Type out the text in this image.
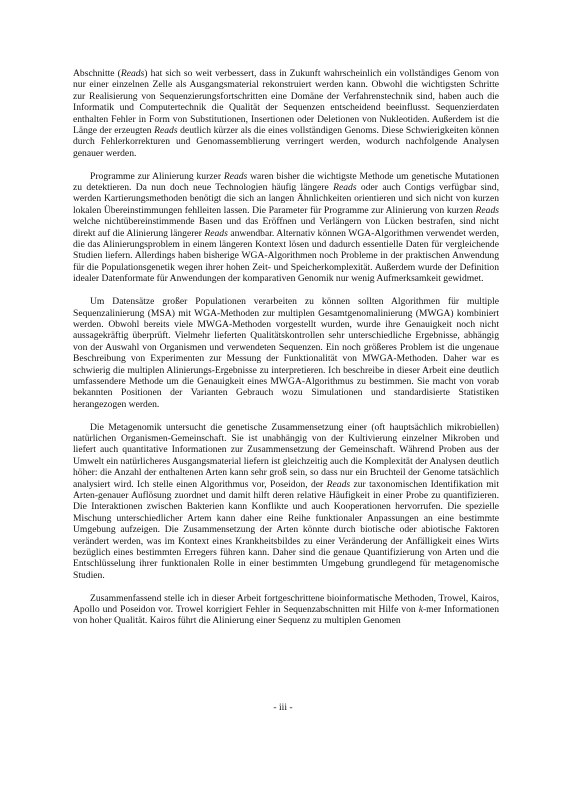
Abschnitte (Reads) hat sich so weit verbessert, dass in Zukunft wahrscheinlich ein vollständiges Genom von nur einer einzelnen Zelle als Ausgangsmaterial rekonstruiert werden kann. Obwohl die wichtigsten Schritte zur Realisierung von Sequenzierungsfortschritten eine Domäne der Verfahrenstechnik sind, haben auch die Informatik und Computertechnik die Qualität der Sequenzen entscheidend beeinflusst. Sequenzierdaten enthalten Fehler in Form von Substitutionen, Insertionen oder Deletionen von Nukleotiden. Außerdem ist die Länge der erzeugten Reads deutlich kürzer als die eines vollständigen Genoms. Diese Schwierigkeiten können durch Fehlerkorrekturen und Genomassemblierung verringert werden, wodurch nachfolgende Analysen genauer werden.

Programme zur Alinierung kurzer Reads waren bisher die wichtigste Methode um genetische Mutationen zu detektieren. Da nun doch neue Technologien häufig längere Reads oder auch Contigs verfügbar sind, werden Kartierungsmethoden benötigt die sich an langen Ähnlichkeiten orientieren und sich nicht von kurzen lokalen Übereinstimmungen fehlleiten lassen. Die Parameter für Programme zur Alinierung von kurzen Reads welche nichtübereinstimmende Basen und das Eröffnen und Verlängern von Lücken bestrafen, sind nicht direkt auf die Alinierung längerer Reads anwendbar. Alternativ können WGA-Algorithmen verwendet werden, die das Alinierungsproblem in einem längeren Kontext lösen und dadurch essentielle Daten für vergleichende Studien liefern. Allerdings haben bisherige WGA-Algorithmen noch Probleme in der praktischen Anwendung für die Populationsgenetik wegen ihrer hohen Zeit- und Speicherkomplexität. Außerdem wurde der Definition idealer Datenformate für Anwendungen der komparativen Genomik nur wenig Aufmerksamkeit gewidmet.

Um Datensätze großer Populationen verarbeiten zu können sollten Algorithmen für multiple Sequenzalinierung (MSA) mit WGA-Methoden zur multiplen Gesamtgenomalinierung (MWGA) kombiniert werden. Obwohl bereits viele MWGA-Methoden vorgestellt wurden, wurde ihre Genauigkeit noch nicht aussagekräftig überprüft. Vielmehr lieferten Qualitätskontrollen sehr unterschiedliche Ergebnisse, abhängig von der Auswahl von Organismen und verwendeten Sequenzen. Ein noch größeres Problem ist die ungenaue Beschreibung von Experimenten zur Messung der Funktionalität von MWGA-Methoden. Daher war es schwierig die multiplen Alinierungs-Ergebnisse zu interpretieren. Ich beschreibe in dieser Arbeit eine deutlich umfassendere Methode um die Genauigkeit eines MWGA-Algorithmus zu bestimmen. Sie macht von vorab bekannten Positionen der Varianten Gebrauch wozu Simulationen und standardisierte Statistiken herangezogen werden.

Die Metagenomik untersucht die genetische Zusammensetzung einer (oft hauptsächlich mikrobiellen) natürlichen Organismen-Gemeinschaft. Sie ist unabhängig von der Kultivierung einzelner Mikroben und liefert auch quantitative Informationen zur Zusammensetzung der Gemeinschaft. Während Proben aus der Umwelt ein natürlicheres Ausgangsmaterial liefern ist gleichzeitig auch die Komplexität der Analysen deutlich höher: die Anzahl der enthaltenen Arten kann sehr groß sein, so dass nur ein Bruchteil der Genome tatsächlich analysiert wird. Ich stelle einen Algorithmus vor, Poseidon, der Reads zur taxonomischen Identifikation mit Arten-genauer Auflösung zuordnet und damit hilft deren relative Häufigkeit in einer Probe zu quantifizieren. Die Interaktionen zwischen Bakterien kann Konflikte und auch Kooperationen hervorrufen. Die spezielle Mischung unterschiedlicher Artem kann daher eine Reihe funktionaler Anpassungen an eine bestimmte Umgebung aufzeigen. Die Zusammensetzung der Arten könnte durch biotische oder abiotische Faktoren verändert werden, was im Kontext eines Krankheitsbildes zu einer Veränderung der Anfälligkeit eines Wirts bezüglich eines bestimmten Erregers führen kann. Daher sind die genaue Quantifizierung von Arten und die Entschlüsselung ihrer funktionalen Rolle in einer bestimmten Umgebung grundlegend für metagenomische Studien.

Zusammenfassend stelle ich in dieser Arbeit fortgeschrittene bioinformatische Methoden, Trowel, Kairos, Apollo und Poseidon vor. Trowel korrigiert Fehler in Sequenzabschnitten mit Hilfe von k-mer Informationen von hoher Qualität. Kairos führt die Alinierung einer Sequenz zu multiplen Genomen

- iii -
